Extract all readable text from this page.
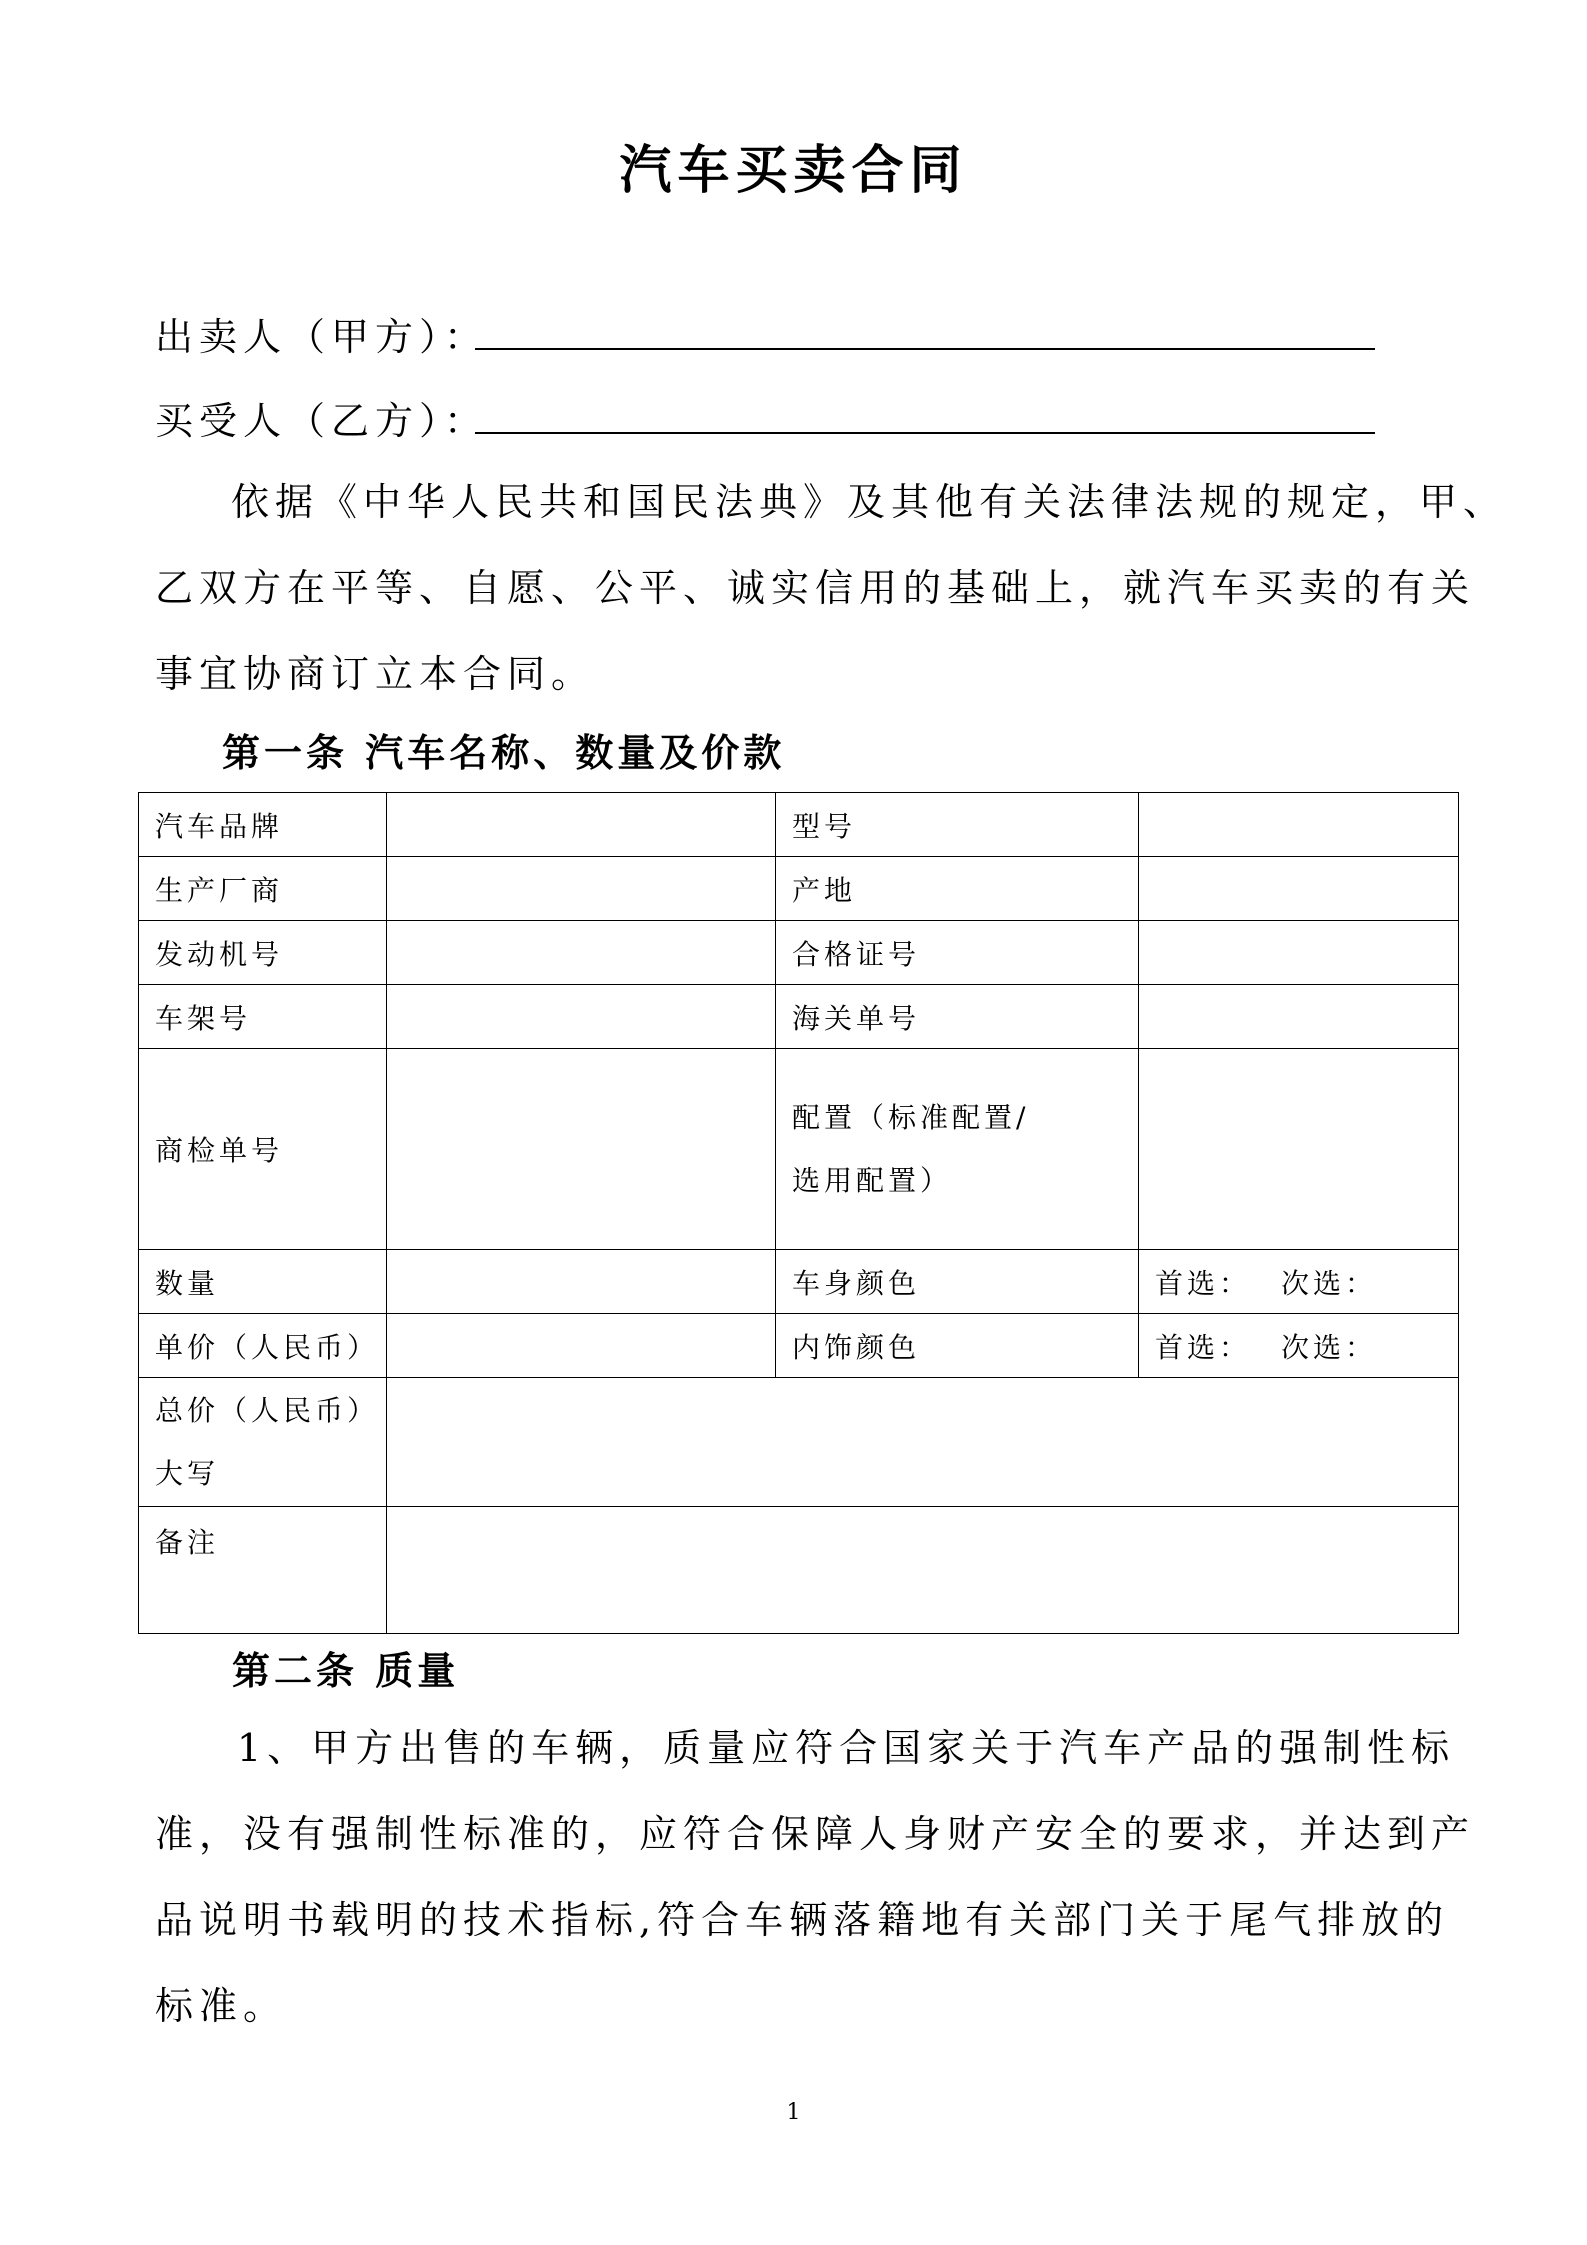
汽车买卖合同
出卖人（甲方）：
买受人（乙方）：

依据《中华人民共和国民法典》及其他有关法律法规的规定，甲、

乙双方在平等、自愿、公平、诚实信用的基础上，就汽车买卖的有关

事宜协商订立本合同。

第一条 汽车名称、数量及价款
汽车品牌		型号	
生产厂商		产地	
发动机号		合格证号	
车架号		海关单号	
商检单号		配置（标准配置/
选用配置）	

数量		车身颜色	首选： 次选：
单价（人民币）		内饰颜色	首选： 次选：

总价（人民币）
大写			

备注			
第二条 质量

1、甲方出售的车辆，质量应符合国家关于汽车产品的强制性标

准，没有强制性标准的，应符合保障人身财产安全的要求，并达到产

品说明书载明的技术指标,符合车辆落籍地有关部门关于尾气排放的

标准。

1
